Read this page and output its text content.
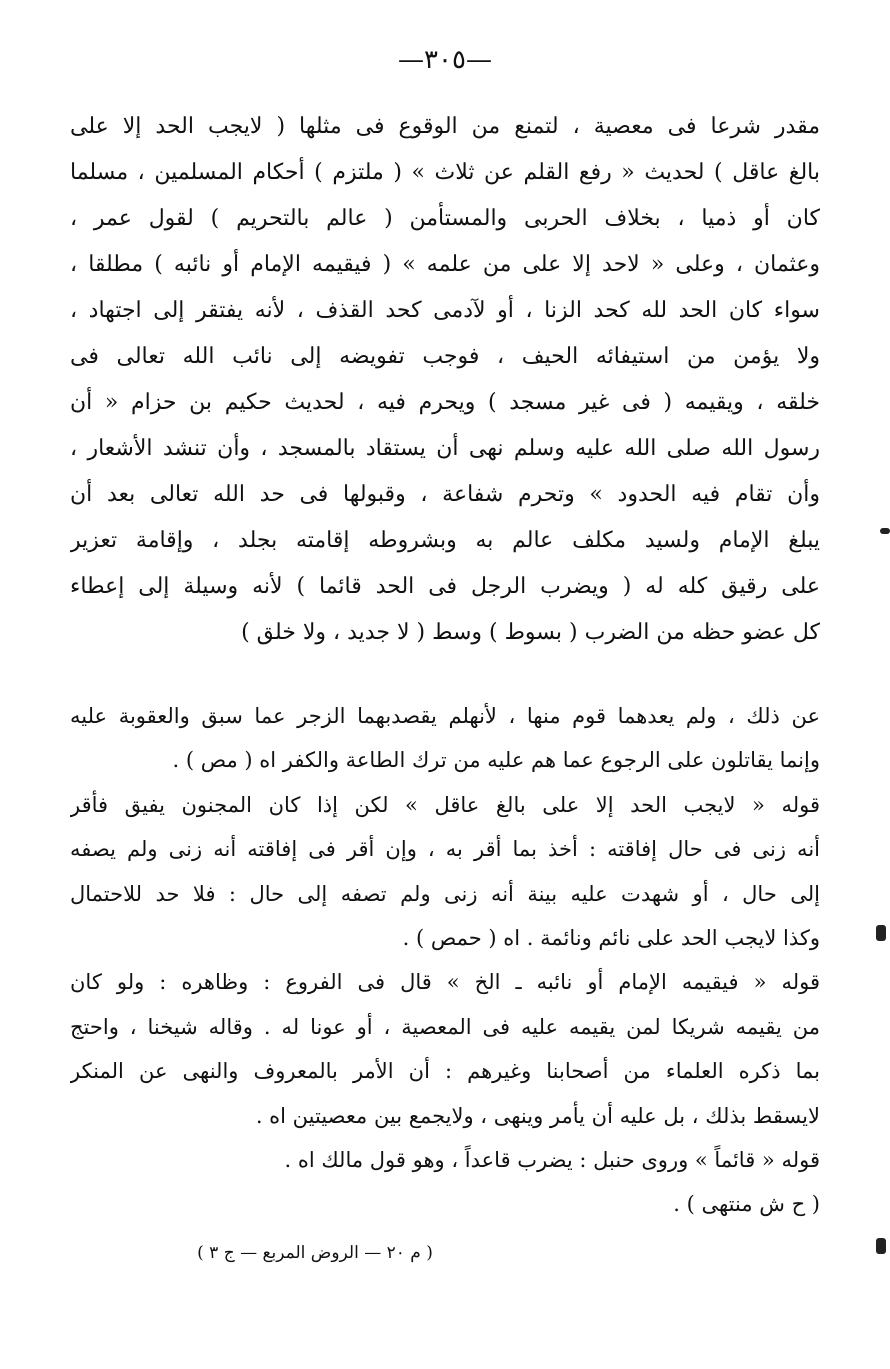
—٣٠٥—
مقدر شرعا فى معصية ، لتمنع من الوقوع فى مثلها ( لايجب الحد إلا على
بالغ عاقل ) لحديث « رفع القلم عن ثلاث » ( ملتزم ) أحكام المسلمين ، مسلما
كان أو ذميا ، بخلاف الحربى والمستأمن ( عالم بالتحريم ) لقول عمر ،
وعثمان ، وعلى « لاحد إلا على من علمه » ( فيقيمه الإمام أو نائبه ) مطلقا ،
سواء كان الحد لله كحد الزنا ، أو لآدمى كحد القذف ، لأنه يفتقر إلى اجتهاد ،
ولا يؤمن من استيفائه الحيف ، فوجب تفويضه إلى نائب الله تعالى فى
خلقه ، ويقيمه ( فى غير مسجد ) ويحرم فيه ، لحديث حكيم بن حزام « أن
رسول الله صلى الله عليه وسلم نهى أن يستقاد بالمسجد ، وأن تنشد الأشعار ،
وأن تقام فيه الحدود » وتحرم شفاعة ، وقبولها فى حد الله تعالى بعد أن
يبلغ الإمام ولسيد مكلف عالم به وبشروطه إقامته بجلد ، وإقامة تعزير
على رقيق كله له ( ويضرب الرجل فى الحد قائما ) لأنه وسيلة إلى إعطاء
كل عضو حظه من الضرب ( بسوط ) وسط ( لا جديد ، ولا خلق )
عن ذلك ، ولم يعدهما قوم منها ، لأنهلم يقصدبهما الزجر عما سبق والعقوبة عليه
وإنما يقاتلون على الرجوع عما هم عليه من ترك الطاعة والكفر اه ( مص ) .
قوله « لايجب الحد إلا على بالغ عاقل » لكن إذا كان المجنون يفيق فأقر
أنه زنى فى حال إفاقته : أخذ بما أقر به ، وإن أقر فى إفاقته أنه زنى ولم يصفه
إلى حال ، أو شهدت عليه بينة أنه زنى ولم تصفه إلى حال : فلا حد للاحتمال
وكذا لايجب الحد على نائم ونائمة . اه ( حمص ) .
قوله « فيقيمه الإمام أو نائبه ـ الخ » قال فى الفروع : وظاهره : ولو كان
من يقيمه شريكا لمن يقيمه عليه فى المعصية ، أو عونا له . وقاله شيخنا ، واحتج
بما ذكره العلماء من أصحابنا وغيرهم : أن الأمر بالمعروف والنهى عن المنكر
لايسقط بذلك ، بل عليه أن يأمر وينهى ، ولايجمع بين معصيتين اه .
قوله « قائماً » وروى حنبل : يضرب قاعداً ، وهو قول مالك اه .
( ح ش منتهى ) .
( م ٢٠ — الروض المربع — ج ٣ )
